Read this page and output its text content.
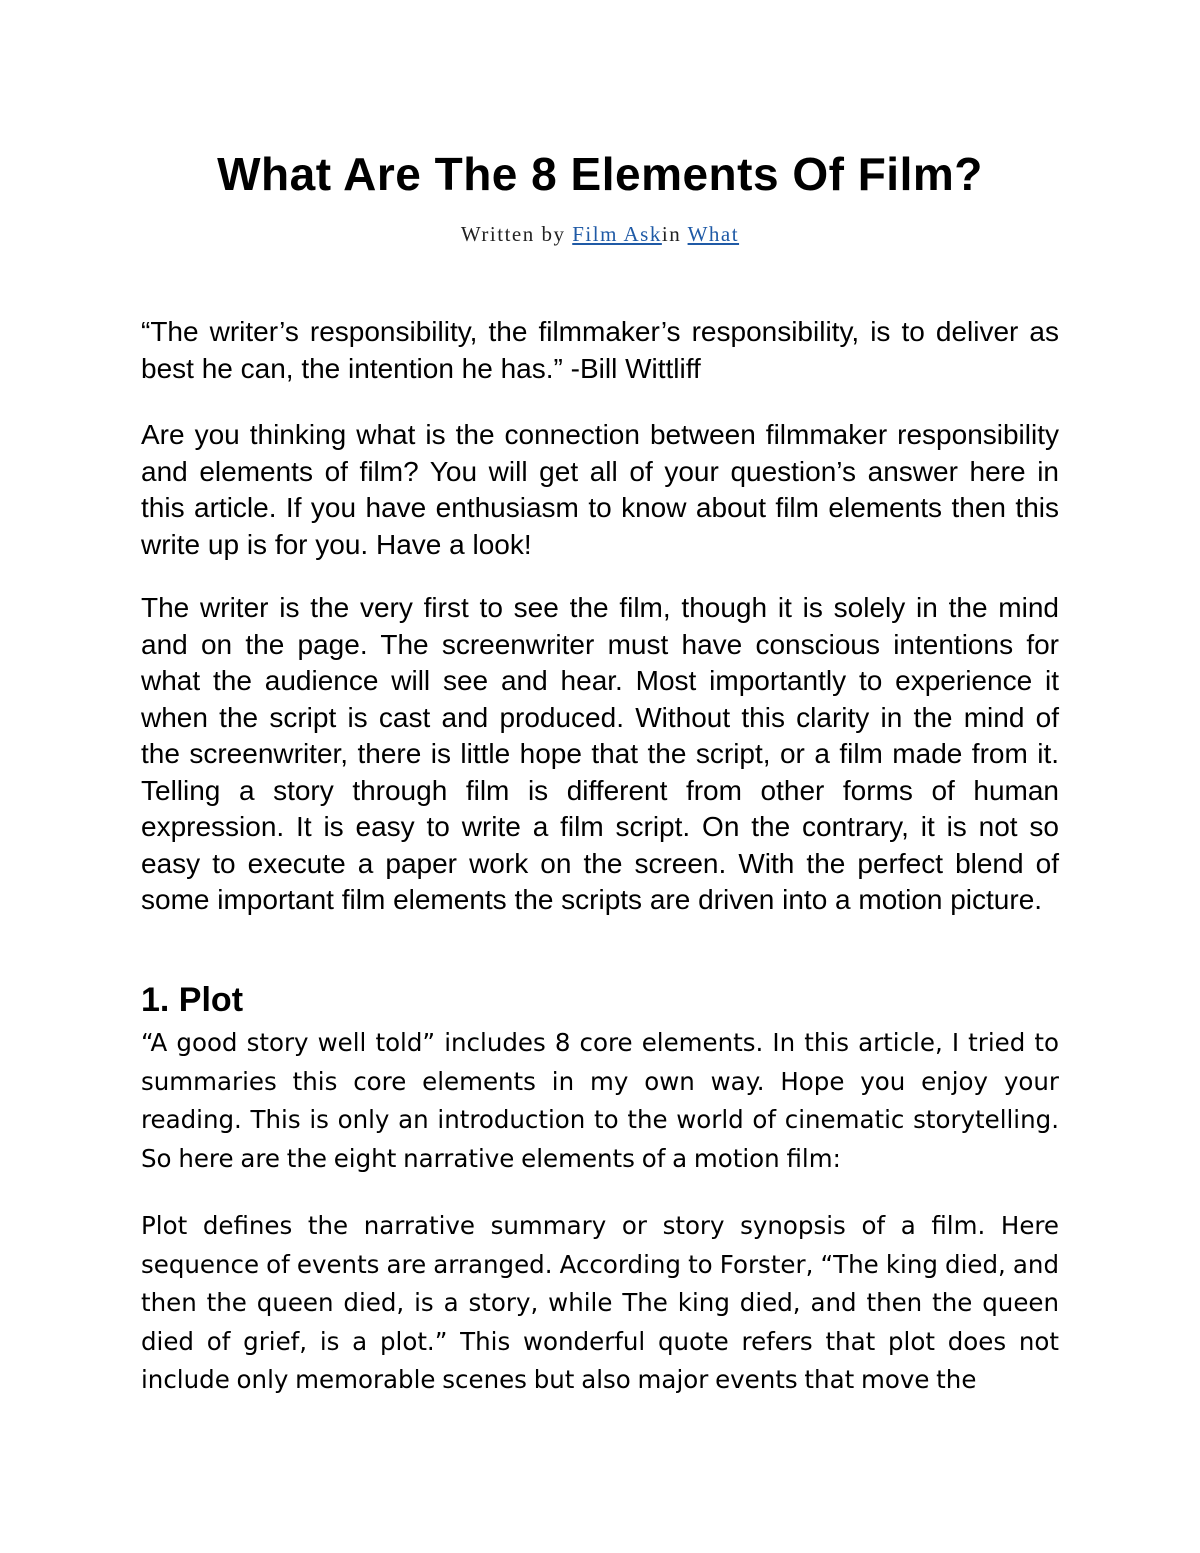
What Are The 8 Elements Of Film?
Written by Film Askin What

“The writer’s responsibility, the filmmaker’s responsibility, is to deliver as best he can, the intention he has.” -Bill Wittliff

Are you thinking what is the connection between filmmaker responsibility and elements of film? You will get all of your question’s answer here in this article. If you have enthusiasm to know about film elements then this write up is for you. Have a look!

The writer is the very first to see the film, though it is solely in the mind and on the page. The screenwriter must have conscious intentions for what the audience will see and hear. Most importantly to experience it when the script is cast and produced. Without this clarity in the mind of the screenwriter, there is little hope that the script, or a film made from it. Telling a story through film is different from other forms of human expression. It is easy to write a film script. On the contrary, it is not so easy to execute a paper work on the screen. With the perfect blend of some important film elements the scripts are driven into a motion picture.

1. Plot

“A good story well told” includes 8 core elements. In this article, I tried to summaries this core elements in my own way. Hope you enjoy your reading. This is only an introduction to the world of cinematic storytelling. So here are the eight narrative elements of a motion film:

Plot defines the narrative summary or story synopsis of a film. Here sequence of events are arranged. According to Forster, “The king died, and then the queen died, is a story, while The king died, and then the queen died of grief, is a plot.” This wonderful quote refers that plot does not include only memorable scenes but also major events that move the
